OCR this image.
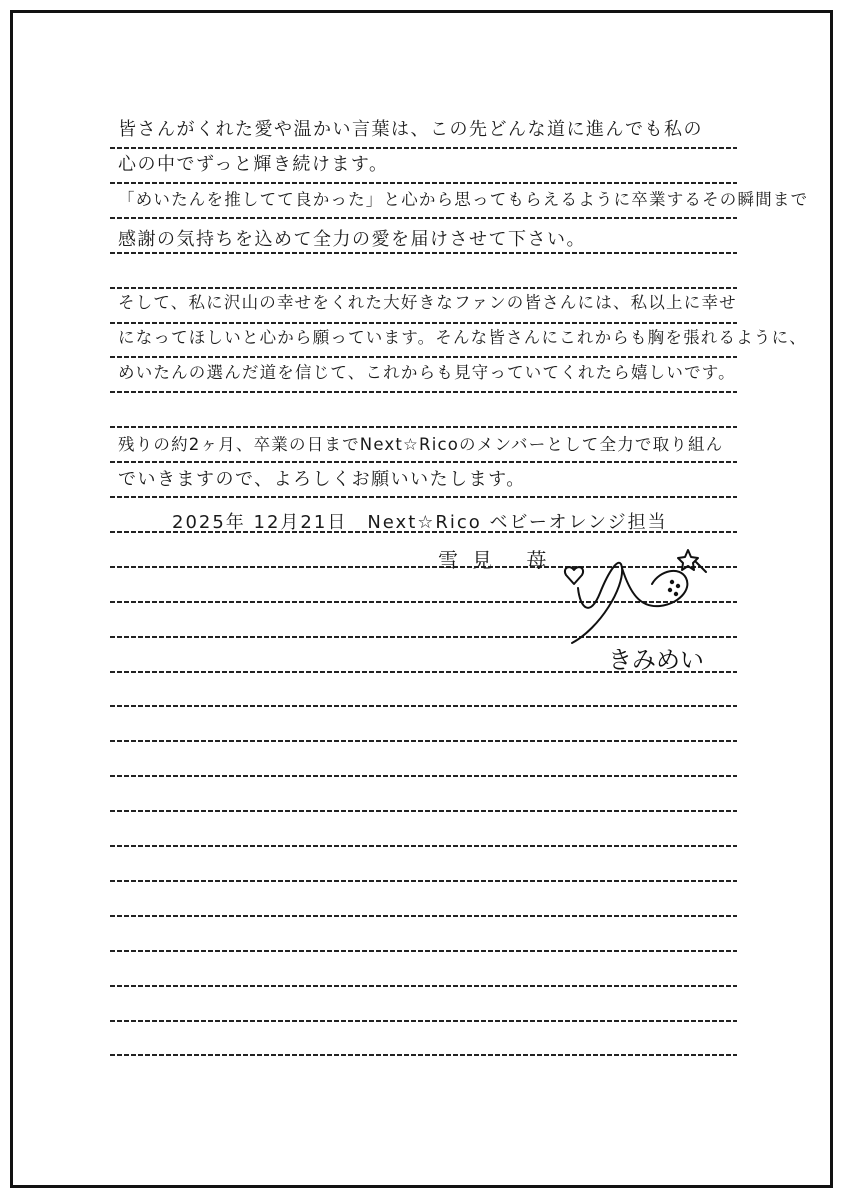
皆さんがくれた愛や温かい言葉は、この先どんな道に進んでも私の
心の中でずっと輝き続けます。
「めいたんを推してて良かった」と心から思ってもらえるように卒業するその瞬間まで
感謝の気持ちを込めて全力の愛を届けさせて下さい。
そして、私に沢山の幸せをくれた大好きなファンの皆さんには、私以上に幸せ
になってほしいと心から願っています。そんな皆さんにこれからも胸を張れるように、
めいたんの選んだ道を信じて、これからも見守っていてくれたら嬉しいです。
残りの約2ヶ月、卒業の日までNext☆Ricoのメンバーとして全力で取り組ん
でいきますので、よろしくお願いいたします。
2025年 12月21日　Next☆Rico ベビーオレンジ担当
雪見 苺
きみめい
